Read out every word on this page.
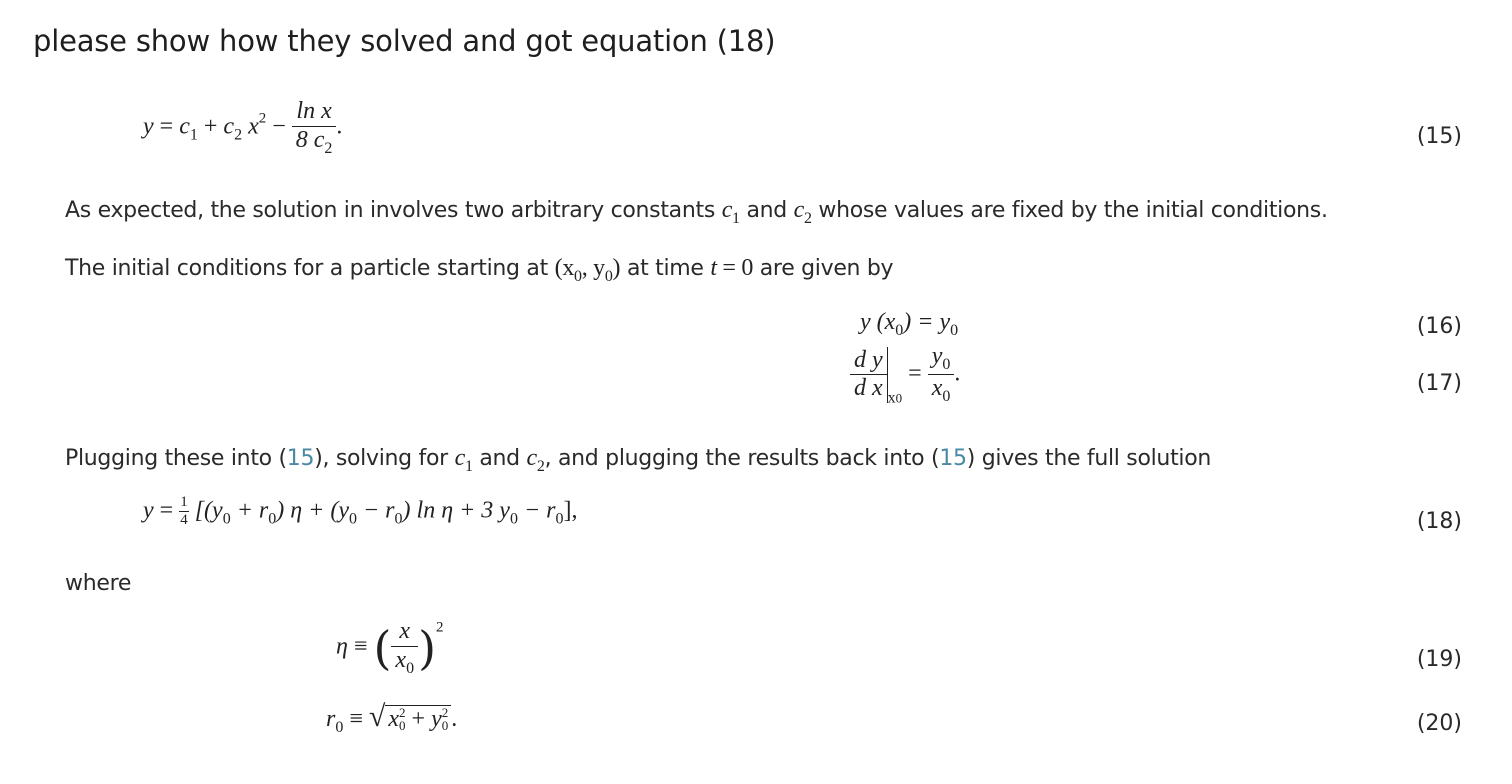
please show how they solved and got equation (18)
$y = c_1 + c_2$ $x^2 - \frac{\text{ln x}}{8 c_2}$ .	(15)
As expected, the solution in involves two arbitrary constants $c_1$ and $c_2$ whose values are fixed by the initial conditions.
The initial conditions for a particle starting at ($x_0$, $y_0$) at time t = 0 are given by
y $(x_0) = y_0$	(16)
$\frac{\text{d y}}{\text{d x}} _{x0} = \frac{y_0}{x_0}$ .	(17)
Plugging these into (15), solving for $c_1$ and $c_2$, and plugging the results back into (15) gives the full solution
$y = \frac{1}{4} [(y_0 + r_0) \eta + (y_0 - r_0)$ ln η + 3 $y_0 - r_0$],	(18)
where
η ≡ ( $\frac{x}{x_0} )^2$
(19)
$r_0$ ≡ √ x 2
0 + y 2
0 .	(20)
